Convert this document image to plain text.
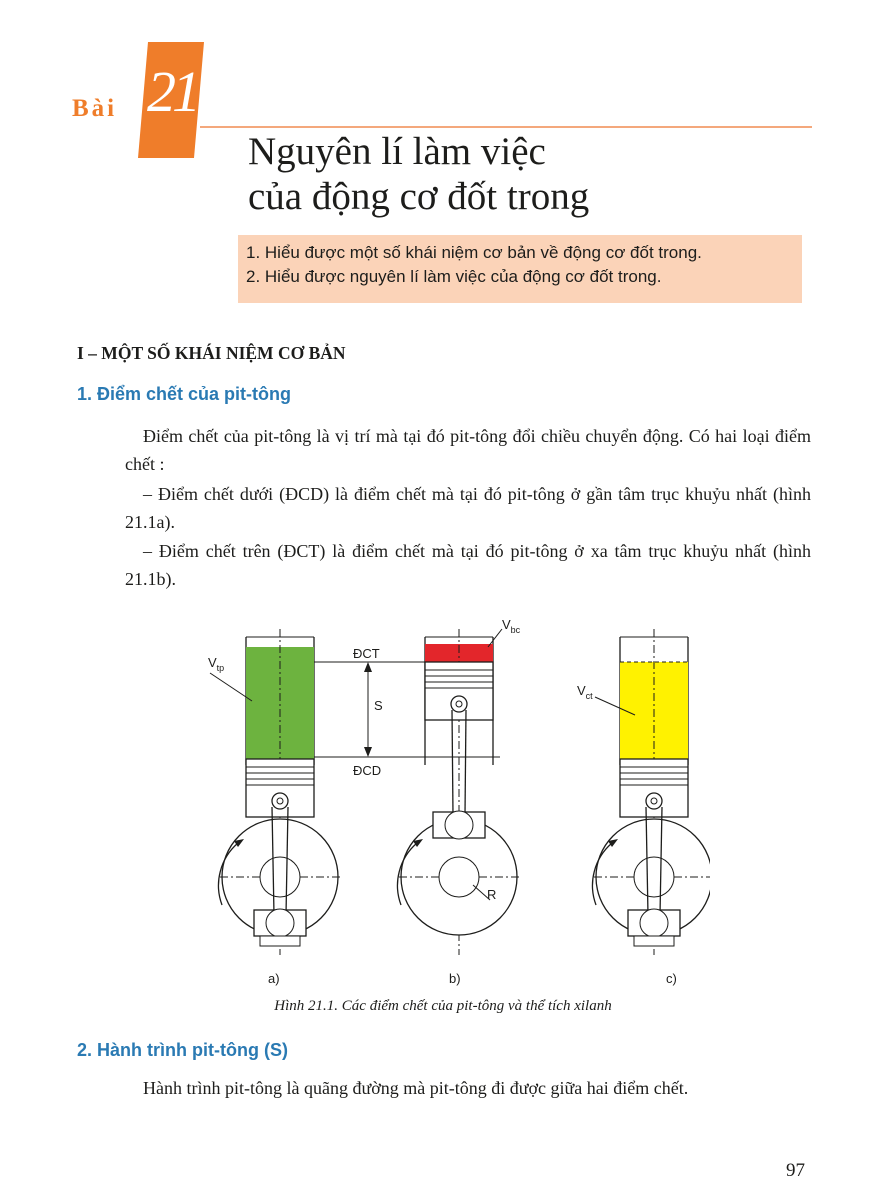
Bài 21
Nguyên lí làm việc
của động cơ đốt trong
1. Hiểu được một số khái niệm cơ bản về động cơ đốt trong.
2. Hiểu được nguyên lí làm việc của động cơ đốt trong.
I – MỘT SỐ KHÁI NIỆM CƠ BẢN
1. Điểm chết của pit-tông
Điểm chết của pit-tông là vị trí mà tại đó pit-tông đổi chiều chuyển động. Có hai loại điểm chết :
– Điểm chết dưới (ĐCD) là điểm chết mà tại đó pit-tông ở gần tâm trục khuỷu nhất (hình 21.1a).
– Điểm chết trên (ĐCT) là điểm chết mà tại đó pit-tông ở xa tâm trục khuỷu nhất (hình 21.1b).
$V_{tp}$
ĐCT
ĐCD
S
R
$V_{bc}$
$V_{ct}$
a)	b)	c)
Hình 21.1. Các điểm chết của pit-tông và thể tích xilanh
2. Hành trình pit-tông (S)
Hành trình pit-tông là quãng đường mà pit-tông đi được giữa hai điểm chết.
97
